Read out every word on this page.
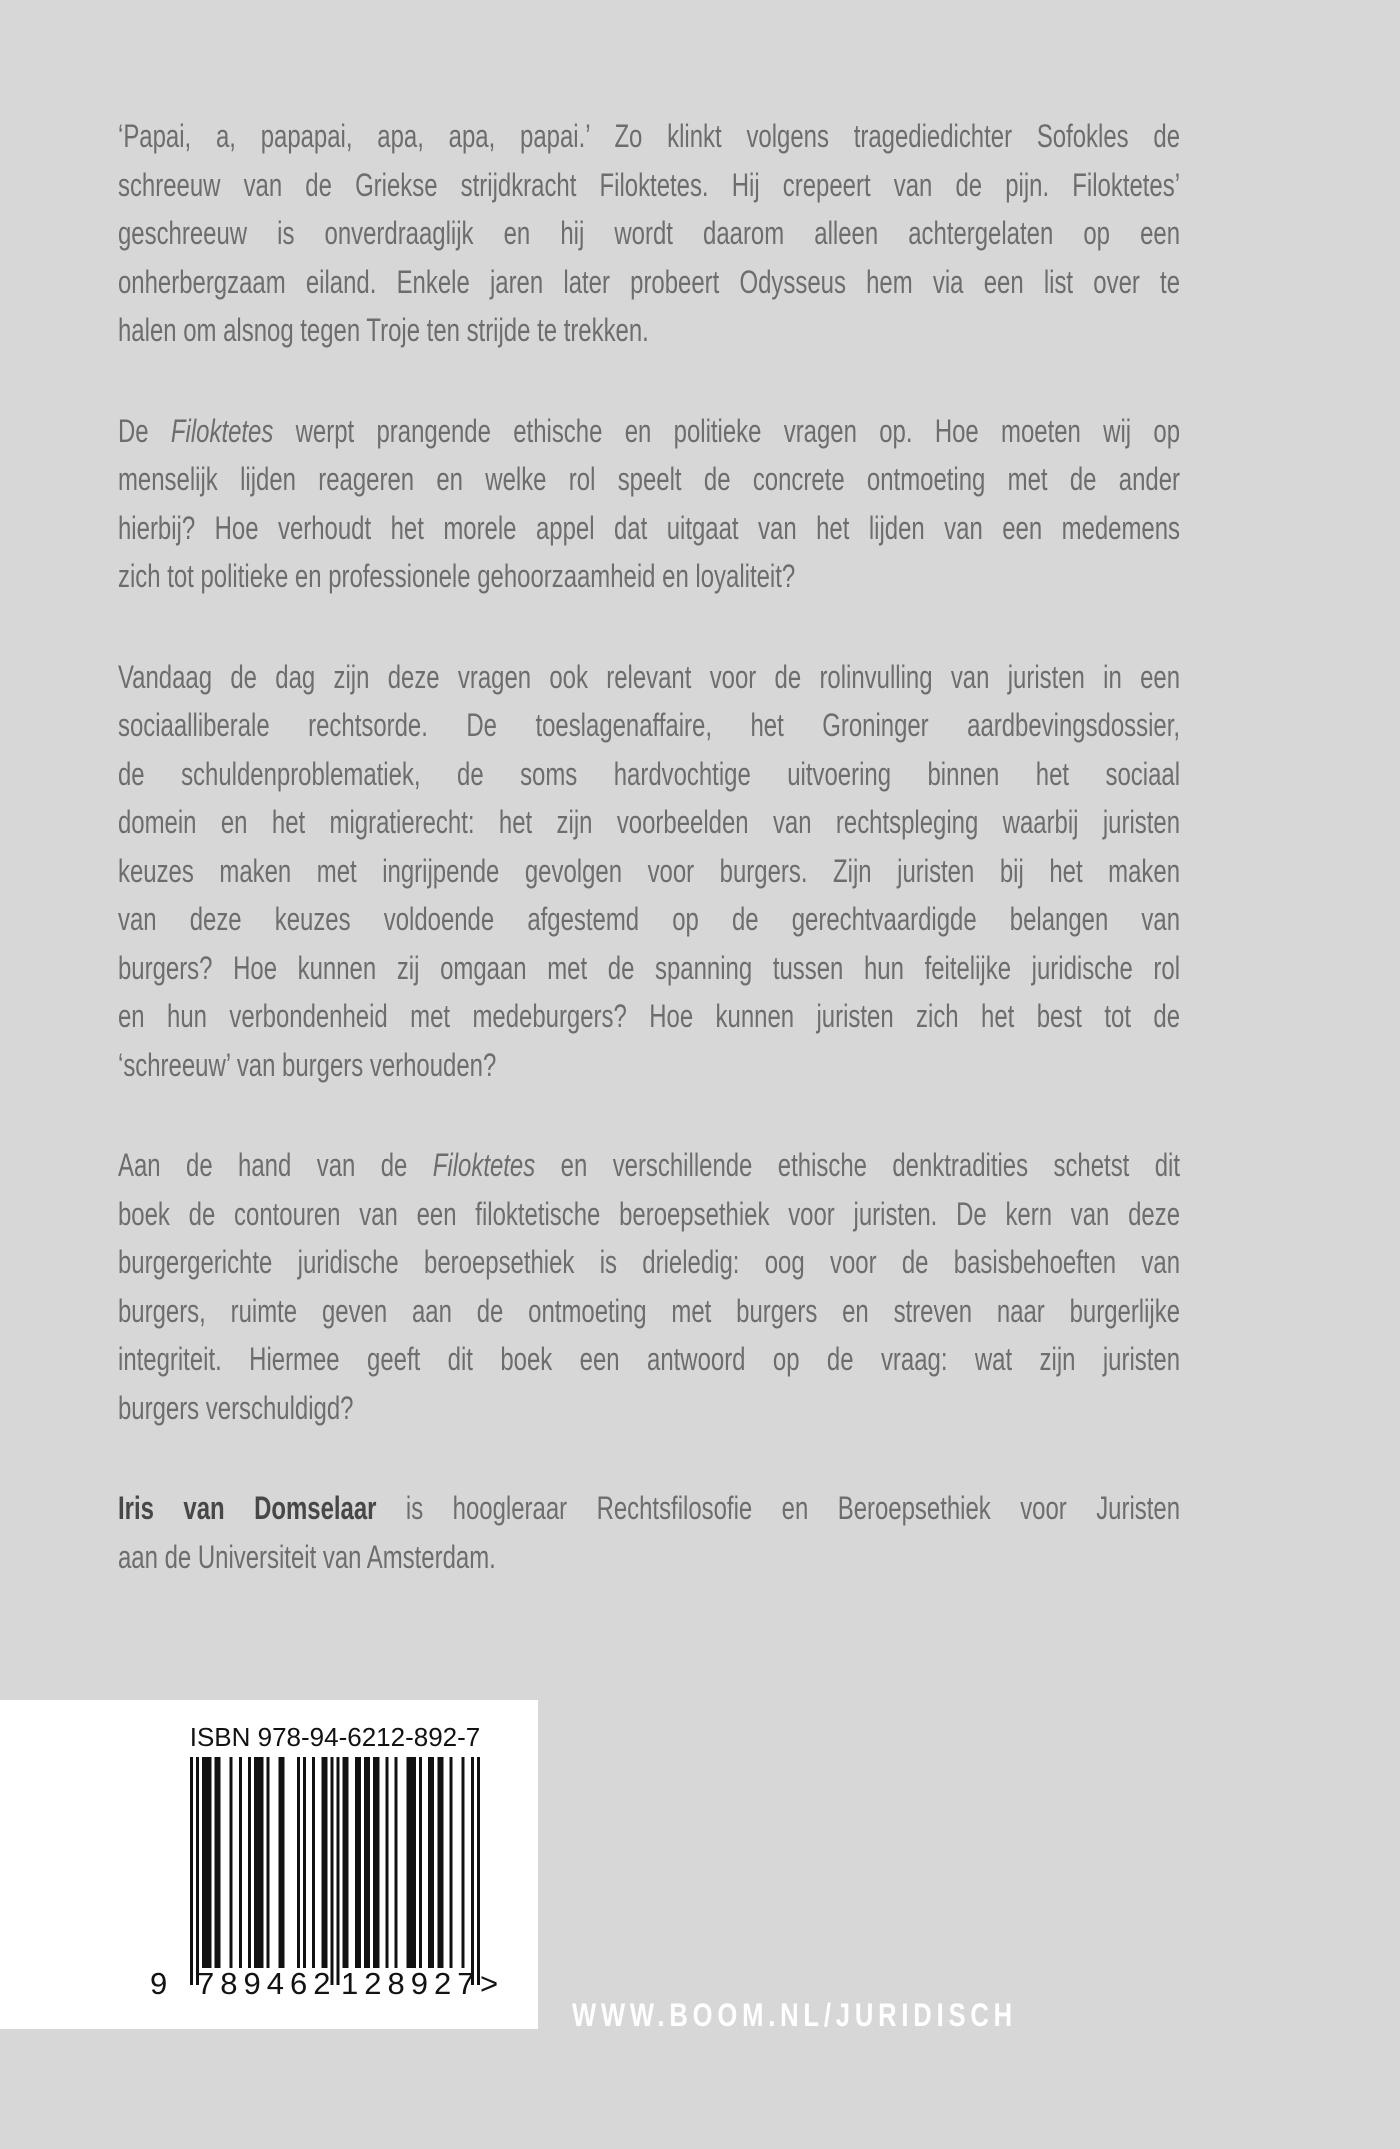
‘Papai, a, papapai, apa, apa, papai.’ Zo klinkt volgens tragediedichter Sofokles de
schreeuw van de Griekse strijdkracht Filoktetes. Hij crepeert van de pijn. Filoktetes’
geschreeuw is onverdraaglijk en hij wordt daarom alleen achtergelaten op een
onherbergzaam eiland. Enkele jaren later probeert Odysseus hem via een list over te
halen om alsnog tegen Troje ten strijde te trekken.
De Filoktetes werpt prangende ethische en politieke vragen op. Hoe moeten wij op
menselijk lijden reageren en welke rol speelt de concrete ontmoeting met de ander
hierbij? Hoe verhoudt het morele appel dat uitgaat van het lijden van een medemens
zich tot politieke en professionele gehoorzaamheid en loyaliteit?
Vandaag de dag zijn deze vragen ook relevant voor de rolinvulling van juristen in een
sociaalliberale rechtsorde. De toeslagenaffaire, het Groninger aardbevingsdossier,
de schuldenproblematiek, de soms hardvochtige uitvoering binnen het sociaal
domein en het migratierecht: het zijn voorbeelden van rechtspleging waarbij juristen
keuzes maken met ingrijpende gevolgen voor burgers. Zijn juristen bij het maken
van deze keuzes voldoende afgestemd op de gerechtvaardigde belangen van
burgers? Hoe kunnen zij omgaan met de spanning tussen hun feitelijke juridische rol
en hun verbondenheid met medeburgers? Hoe kunnen juristen zich het best tot de
‘schreeuw’ van burgers verhouden?
Aan de hand van de Filoktetes en verschillende ethische denktradities schetst dit
boek de contouren van een filoktetische beroepsethiek voor juristen. De kern van deze
burgergerichte juridische beroepsethiek is drieledig: oog voor de basisbehoeften van
burgers, ruimte geven aan de ontmoeting met burgers en streven naar burgerlijke
integriteit. Hiermee geeft dit boek een antwoord op de vraag: wat zijn juristen
burgers verschuldigd?
Iris van Domselaar is hoogleraar Rechtsfilosofie en Beroepsethiek voor Juristen
aan de Universiteit van Amsterdam.
ISBN 978-94-6212-892-7
9 789462 128927 >
WWW.BOOM.NL/JURIDISCH
